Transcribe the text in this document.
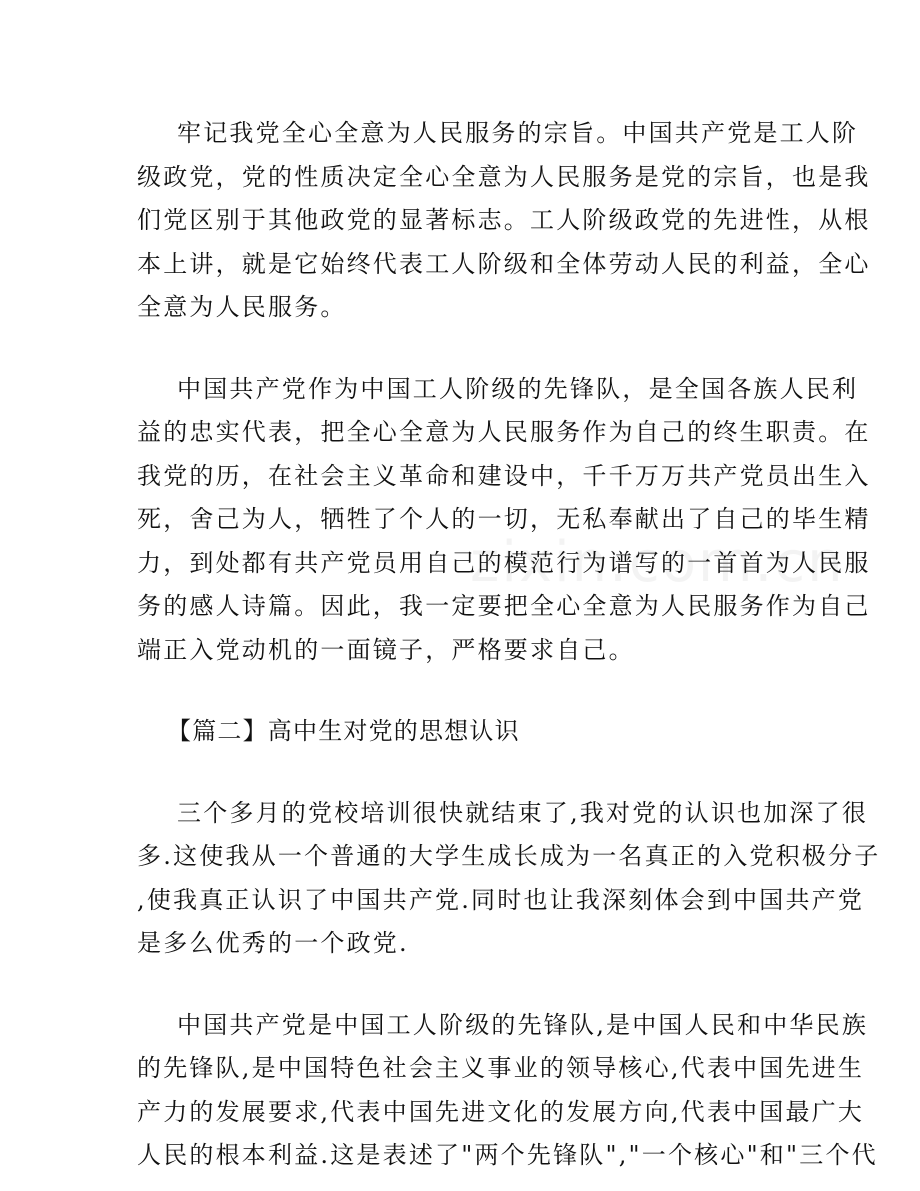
牢记我党全心全意为人民服务的宗旨。中国共产党是工人阶
级政党，党的性质决定全心全意为人民服务是党的宗旨，也是我
们党区别于其他政党的显著标志。工人阶级政党的先进性，从根
本上讲，就是它始终代表工人阶级和全体劳动人民的利益，全心
全意为人民服务。
中国共产党作为中国工人阶级的先锋队，是全国各族人民利
益的忠实代表，把全心全意为人民服务作为自己的终生职责。在
我党的历，在社会主义革命和建设中，千千万万共产党员出生入
死，舍己为人，牺牲了个人的一切，无私奉献出了自己的毕生精
力，到处都有共产党员用自己的模范行为谱写的一首首为人民服
务的感人诗篇。因此，我一定要把全心全意为人民服务作为自己
端正入党动机的一面镜子，严格要求自己。
【篇二】高中生对党的思想认识
三个多月的党校培训很快就结束了,我对党的认识也加深了很
多.这使我从一个普通的大学生成长成为一名真正的入党积极分子
,使我真正认识了中国共产党.同时也让我深刻体会到中国共产党
是多么优秀的一个政党.
中国共产党是中国工人阶级的先锋队,是中国人民和中华民族
的先锋队,是中国特色社会主义事业的领导核心,代表中国先进生
产力的发展要求,代表中国先进文化的发展方向,代表中国最广大
人民的根本利益.这是表述了"两个先锋队","一个核心"和"三个代
